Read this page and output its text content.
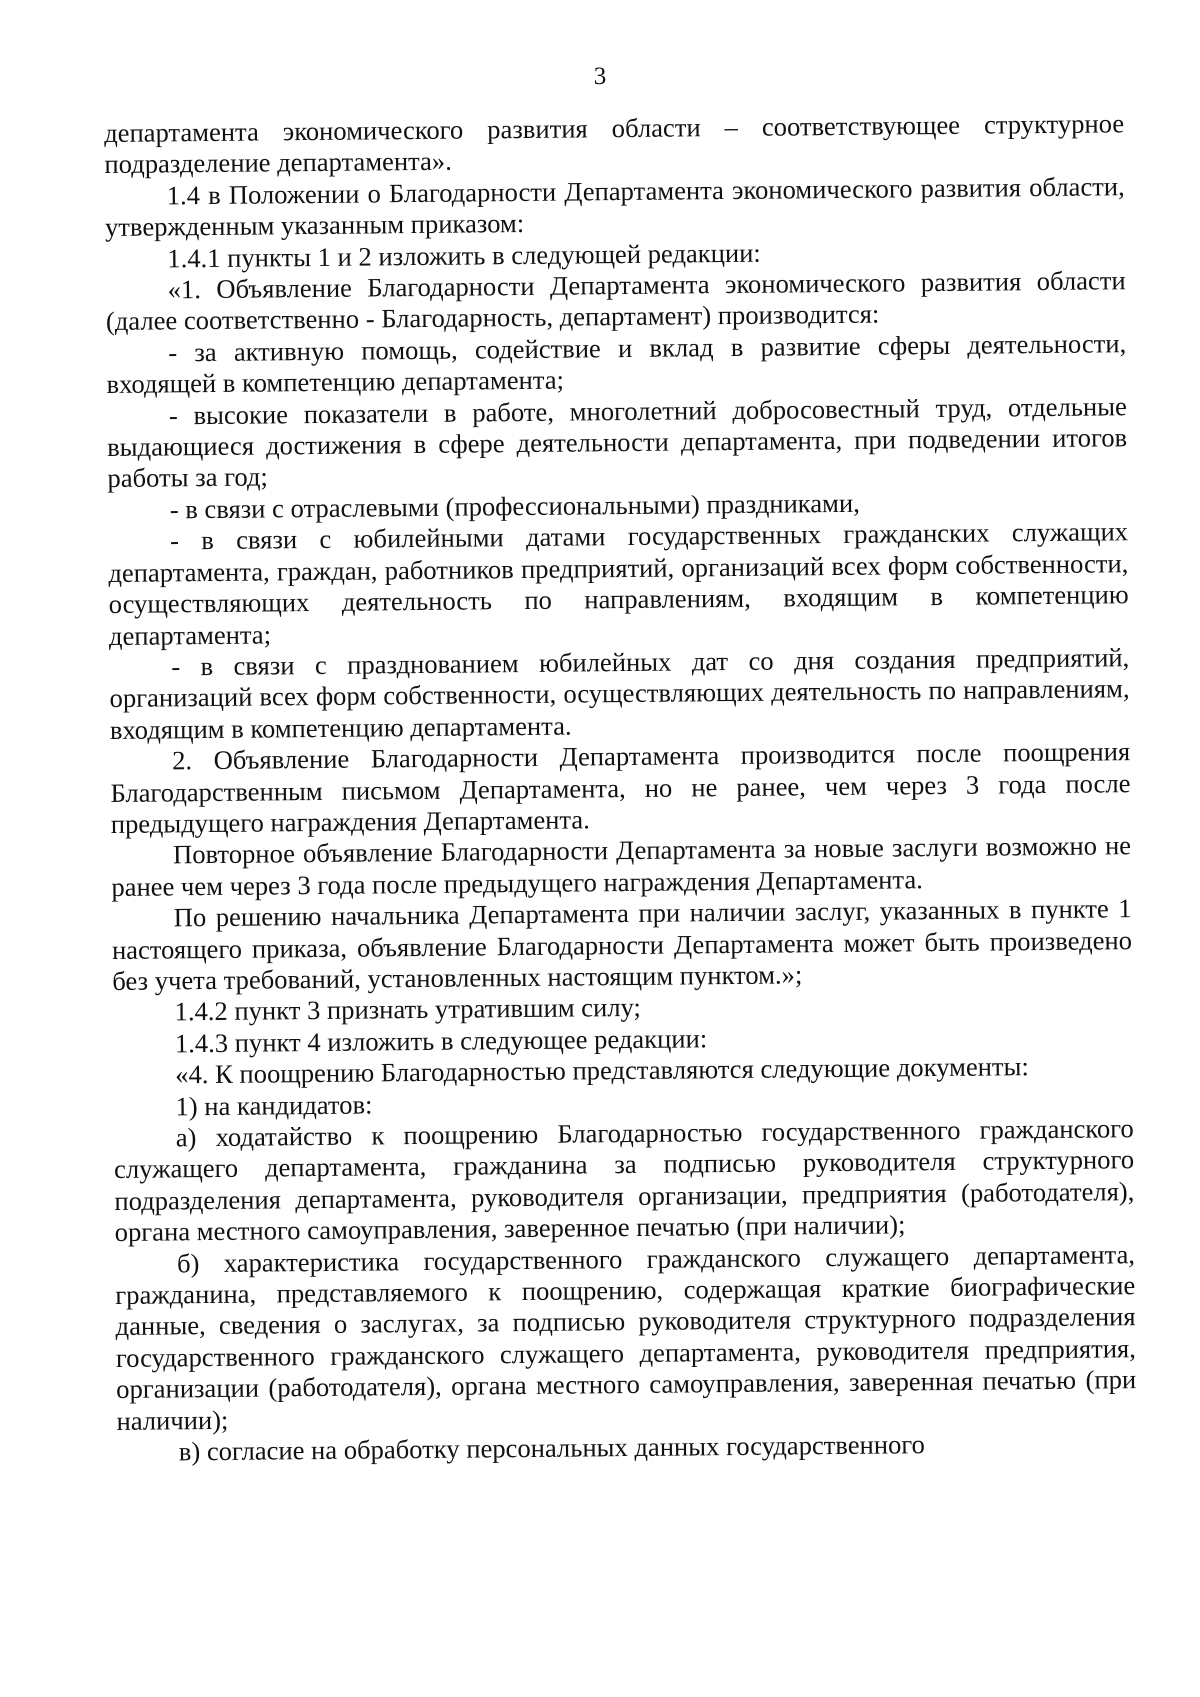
3

департамента экономического развития области – соответствующее структурное подразделение департамента».

1.4 в Положении о Благодарности Департамента экономического развития области, утвержденным указанным приказом:

1.4.1 пункты 1 и 2 изложить в следующей редакции:

«1. Объявление Благодарности Департамента экономического развития области (далее соответственно - Благодарность, департамент) производится:

- за активную помощь, содействие и вклад в развитие сферы деятельности, входящей в компетенцию департамента;

- высокие показатели в работе, многолетний добросовестный труд, отдельные выдающиеся достижения в сфере деятельности департамента, при подведении итогов работы за год;

- в связи с отраслевыми (профессиональными) праздниками,

- в связи с юбилейными датами государственных гражданских служащих департамента, граждан, работников предприятий, организаций всех форм собственности, осуществляющих деятельность по направлениям, входящим в компетенцию департамента;

- в связи с празднованием юбилейных дат со дня создания предприятий, организаций всех форм собственности, осуществляющих деятельность по направлениям, входящим в компетенцию департамента.

2. Объявление Благодарности Департамента производится после поощрения Благодарственным письмом Департамента, но не ранее, чем через 3 года после предыдущего награждения Департамента.

Повторное объявление Благодарности Департамента за новые заслуги возможно не ранее чем через 3 года после предыдущего награждения Департамента.

По решению начальника Департамента при наличии заслуг, указанных в пункте 1 настоящего приказа, объявление Благодарности Департамента может быть произведено без учета требований, установленных настоящим пунктом.»;

1.4.2 пункт 3 признать утратившим силу;

1.4.3 пункт 4 изложить в следующее редакции:

«4. К поощрению Благодарностью представляются следующие документы:

1) на кандидатов:

а) ходатайство к поощрению Благодарностью государственного гражданского служащего департамента, гражданина за подписью руководителя структурного подразделения департамента, руководителя организации, предприятия (работодателя), органа местного самоуправления, заверенное печатью (при наличии);

б) характеристика государственного гражданского служащего департамента, гражданина, представляемого к поощрению, содержащая краткие биографические данные, сведения о заслугах, за подписью руководителя структурного подразделения государственного гражданского служащего департамента, руководителя предприятия, организации (работодателя), органа местного самоуправления, заверенная печатью (при наличии);

в) согласие на обработку персональных данных государственного
